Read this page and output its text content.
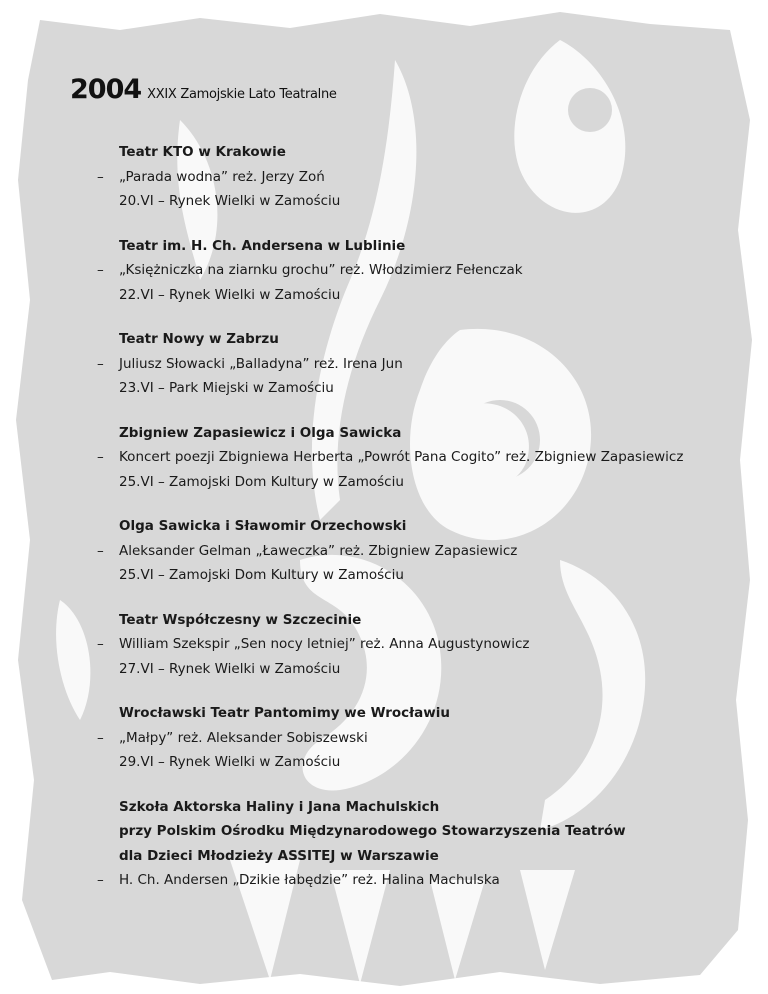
2004 XXIX Zamojskie Lato Teatralne
Teatr KTO w Krakowie
– „Parada wodna” reż. Jerzy Zoń
20.VI – Rynek Wielki w Zamościu
Teatr im. H. Ch. Andersena w Lublinie
– „Księżniczka na ziarnku grochu” reż. Włodzimierz Fełenczak
22.VI – Rynek Wielki w Zamościu
Teatr Nowy w Zabrzu
– Juliusz Słowacki „Balladyna” reż. Irena Jun
23.VI – Park Miejski w Zamościu
Zbigniew Zapasiewicz i Olga Sawicka
– Koncert poezji Zbigniewa Herberta „Powrót Pana Cogito” reż. Zbigniew Zapasiewicz
25.VI – Zamojski Dom Kultury w Zamościu
Olga Sawicka i Sławomir Orzechowski
– Aleksander Gelman „Ławeczka” reż. Zbigniew Zapasiewicz
25.VI – Zamojski Dom Kultury w Zamościu
Teatr Współczesny w Szczecinie
– William Szekspir „Sen nocy letniej” reż. Anna Augustynowicz
27.VI – Rynek Wielki w Zamościu
Wrocławski Teatr Pantomimy we Wrocławiu
– „Małpy” reż. Aleksander Sobiszewski
29.VI – Rynek Wielki w Zamościu
Szkoła Aktorska Haliny i Jana Machulskich
przy Polskim Ośrodku Międzynarodowego Stowarzyszenia Teatrów
dla Dzieci Młodzieży ASSITEJ w Warszawie
– H. Ch. Andersen „Dzikie łabędzie” reż. Halina Machulska
